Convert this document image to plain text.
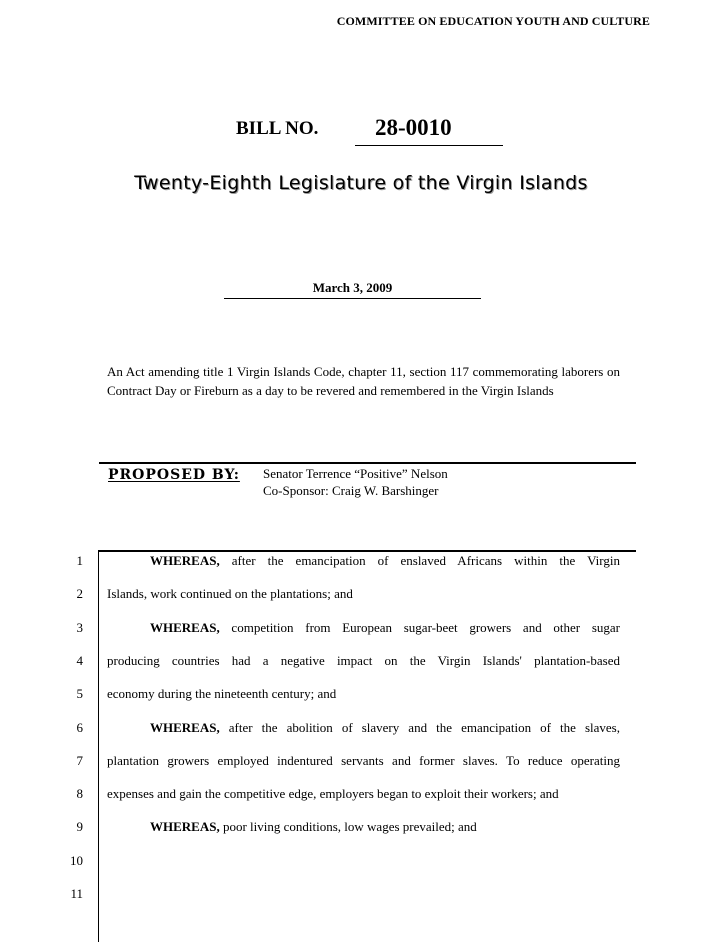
COMMITTEE ON EDUCATION YOUTH AND CULTURE
BILL NO. 28-0010
Twenty-Eighth Legislature of the Virgin Islands
March 3, 2009
An Act amending title 1 Virgin Islands Code, chapter 11, section 117 commemorating laborers on Contract Day or Fireburn as a day to be revered and remembered in the Virgin Islands
PROPOSED BY: Senator Terrence “Positive” Nelson
Co-Sponsor: Craig W. Barshinger
1	WHEREAS, after the emancipation of enslaved Africans within the Virgin
2 Islands, work continued on the plantations; and
3	WHEREAS, competition from European sugar-beet growers and other sugar
4 producing countries had a negative impact on the Virgin Islands' plantation-based
5 economy during the nineteenth century; and
6	WHEREAS, after the abolition of slavery and the emancipation of the slaves,
7 plantation growers employed indentured servants and former slaves. To reduce operating
8 expenses and gain the competitive edge, employers began to exploit their workers; and
9	WHEREAS, poor living conditions, low wages prevailed; and
10
11
